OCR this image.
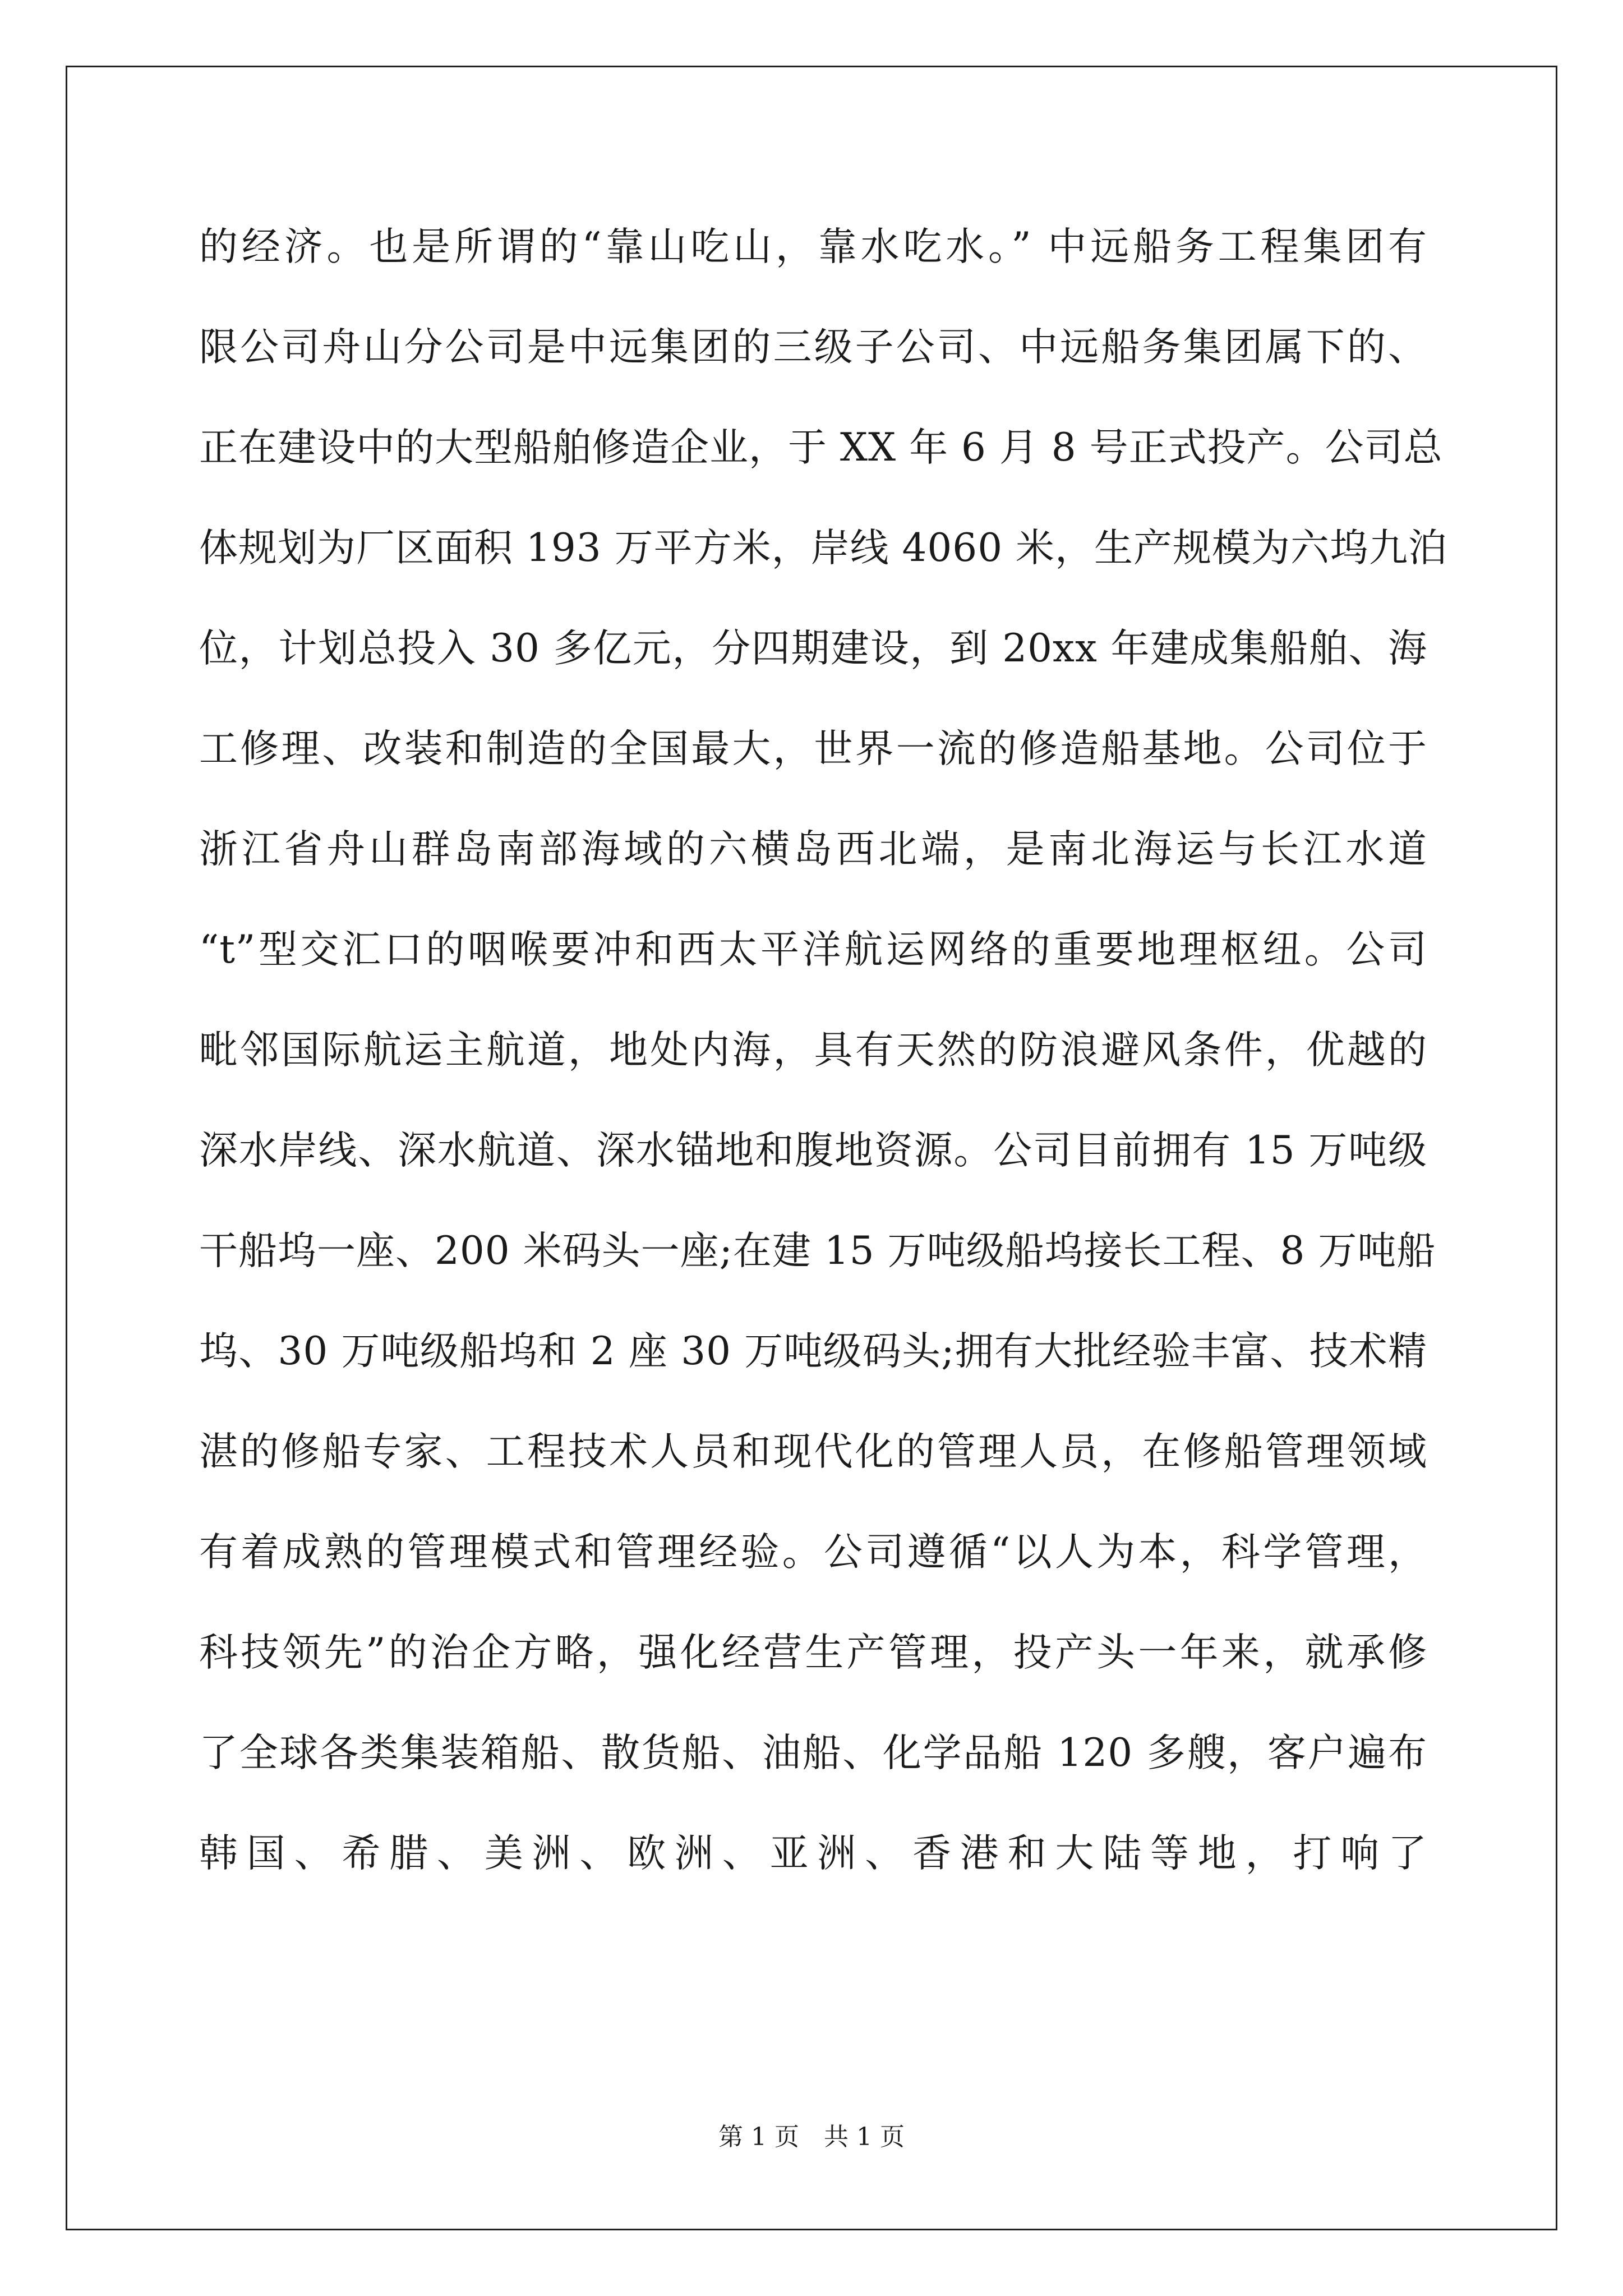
的经济。也是所谓的“靠山吃山，靠水吃水。” 中远船务工程集团有
限公司舟山分公司是中远集团的三级子公司、中远船务集团属下的、
正在建设中的大型船舶修造企业，于 XX 年 6 月 8 号正式投产。公司总
体规划为厂区面积 193 万平方米，岸线 4060 米，生产规模为六坞九泊
位，计划总投入 30 多亿元，分四期建设，到 20xx 年建成集船舶、海
工修理、改装和制造的全国最大，世界一流的修造船基地。公司位于
浙江省舟山群岛南部海域的六横岛西北端，是南北海运与长江水道
“t”型交汇口的咽喉要冲和西太平洋航运网络的重要地理枢纽。公司
毗邻国际航运主航道，地处内海，具有天然的防浪避风条件，优越的
深水岸线、深水航道、深水锚地和腹地资源。公司目前拥有 15 万吨级
干船坞一座、200 米码头一座;在建 15 万吨级船坞接长工程、8 万吨船
坞、30 万吨级船坞和 2 座 30 万吨级码头;拥有大批经验丰富、技术精
湛的修船专家、工程技术人员和现代化的管理人员，在修船管理领域
有着成熟的管理模式和管理经验。公司遵循“以人为本，科学管理，
科技领先”的治企方略，强化经营生产管理，投产头一年来，就承修
了全球各类集装箱船、散货船、油船、化学品船 120 多艘，客户遍布
韩国、希腊、美洲、欧洲、亚洲、香港和大陆等地，打响了
第 1 页　共 1 页
